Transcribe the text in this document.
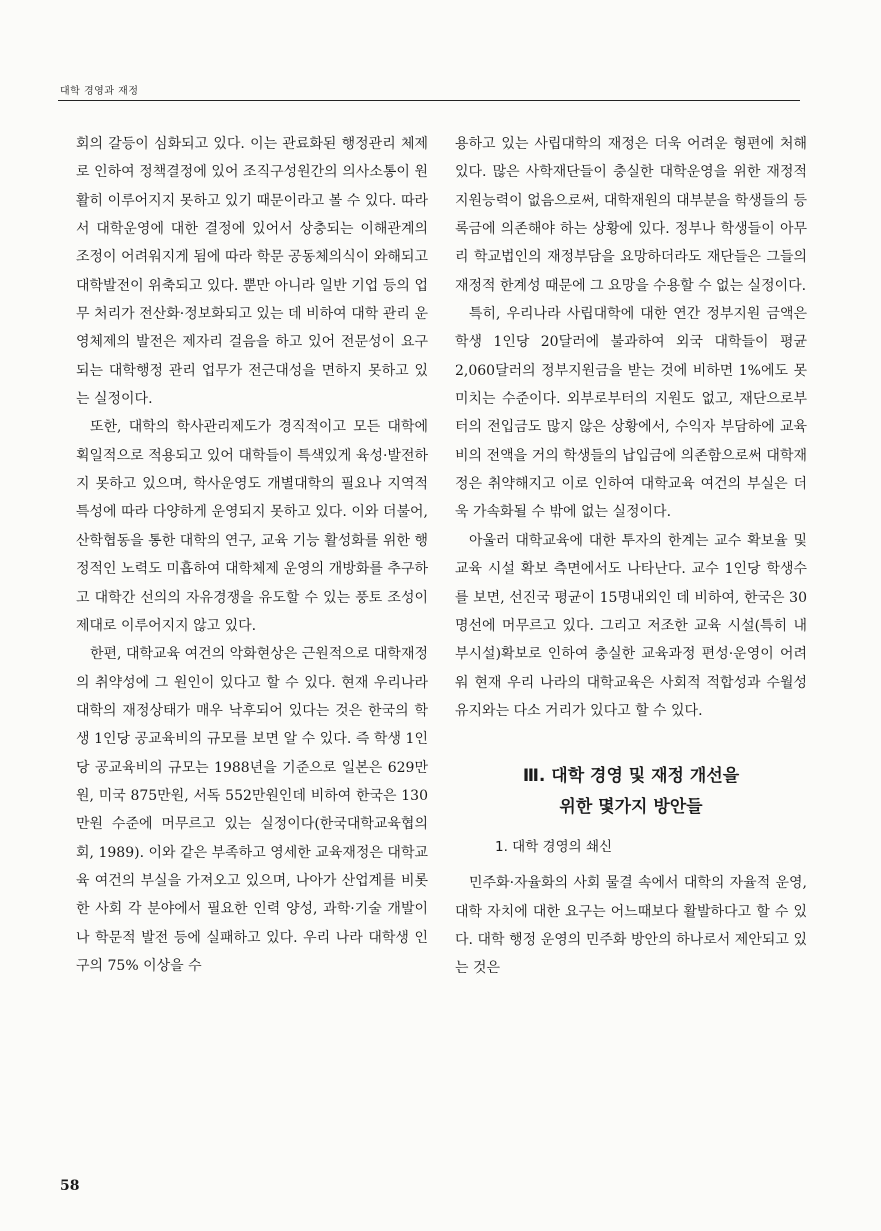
대학 경영과 재정

회의 갈등이 심화되고 있다. 이는 관료화된 행정관리 체제로 인하여 정책결정에 있어 조직구성원간의 의사소통이 원활히 이루어지지 못하고 있기 때문이라고 볼 수 있다. 따라서 대학운영에 대한 결정에 있어서 상충되는 이해관계의 조정이 어려워지게 됨에 따라 학문 공동체의식이 와해되고 대학발전이 위축되고 있다. 뿐만 아니라 일반 기업 등의 업무 처리가 전산화·정보화되고 있는 데 비하여 대학 관리 운영체제의 발전은 제자리 걸음을 하고 있어 전문성이 요구되는 대학행정 관리 업무가 전근대성을 면하지 못하고 있는 실정이다.

또한, 대학의 학사관리제도가 경직적이고 모든 대학에 획일적으로 적용되고 있어 대학들이 특색있게 육성·발전하지 못하고 있으며, 학사운영도 개별대학의 필요나 지역적 특성에 따라 다양하게 운영되지 못하고 있다. 이와 더불어, 산학협동을 통한 대학의 연구, 교육 기능 활성화를 위한 행정적인 노력도 미흡하여 대학체제 운영의 개방화를 추구하고 대학간 선의의 자유경쟁을 유도할 수 있는 풍토 조성이 제대로 이루어지지 않고 있다.

한편, 대학교육 여건의 악화현상은 근원적으로 대학재정의 취약성에 그 원인이 있다고 할 수 있다. 현재 우리나라 대학의 재정상태가 매우 낙후되어 있다는 것은 한국의 학생 1인당 공교육비의 규모를 보면 알 수 있다. 즉 학생 1인당 공교육비의 규모는 1988년을 기준으로 일본은 629만원, 미국 875만원, 서독 552만원인데 비하여 한국은 130만원 수준에 머무르고 있는 실정이다(한국대학교육협의회, 1989). 이와 같은 부족하고 영세한 교육재정은 대학교육 여건의 부실을 가져오고 있으며, 나아가 산업계를 비롯한 사회 각 분야에서 필요한 인력 양성, 과학·기술 개발이나 학문적 발전 등에 실패하고 있다. 우리 나라 대학생 인구의 75% 이상을 수

용하고 있는 사립대학의 재정은 더욱 어려운 형편에 처해 있다. 많은 사학재단들이 충실한 대학운영을 위한 재정적 지원능력이 없음으로써, 대학재원의 대부분을 학생들의 등록금에 의존해야 하는 상황에 있다. 정부나 학생들이 아무리 학교법인의 재정부담을 요망하더라도 재단들은 그들의 재정적 한계성 때문에 그 요망을 수용할 수 없는 실정이다.

특히, 우리나라 사립대학에 대한 연간 정부지원 금액은 학생 1인당 20달러에 불과하여 외국 대학들이 평균 2,060달러의 정부지원금을 받는 것에 비하면 1%에도 못미치는 수준이다. 외부로부터의 지원도 없고, 재단으로부터의 전입금도 많지 않은 상황에서, 수익자 부담하에 교육비의 전액을 거의 학생들의 납입금에 의존함으로써 대학재정은 취약해지고 이로 인하여 대학교육 여건의 부실은 더욱 가속화될 수 밖에 없는 실정이다.

아울러 대학교육에 대한 투자의 한계는 교수 확보율 및 교육 시설 확보 측면에서도 나타난다. 교수 1인당 학생수를 보면, 선진국 평균이 15명내외인 데 비하여, 한국은 30명선에 머무르고 있다. 그리고 저조한 교육 시설(특히 내부시설)확보로 인하여 충실한 교육과정 편성·운영이 어려워 현재 우리 나라의 대학교육은 사회적 적합성과 수월성 유지와는 다소 거리가 있다고 할 수 있다.

Ⅲ. 대학 경영 및 재정 개선을
위한 몇가지 방안들
1. 대학 경영의 쇄신

민주화·자율화의 사회 물결 속에서 대학의 자율적 운영, 대학 자치에 대한 요구는 어느때보다 활발하다고 할 수 있다. 대학 행정 운영의 민주화 방안의 하나로서 제안되고 있는 것은

58
